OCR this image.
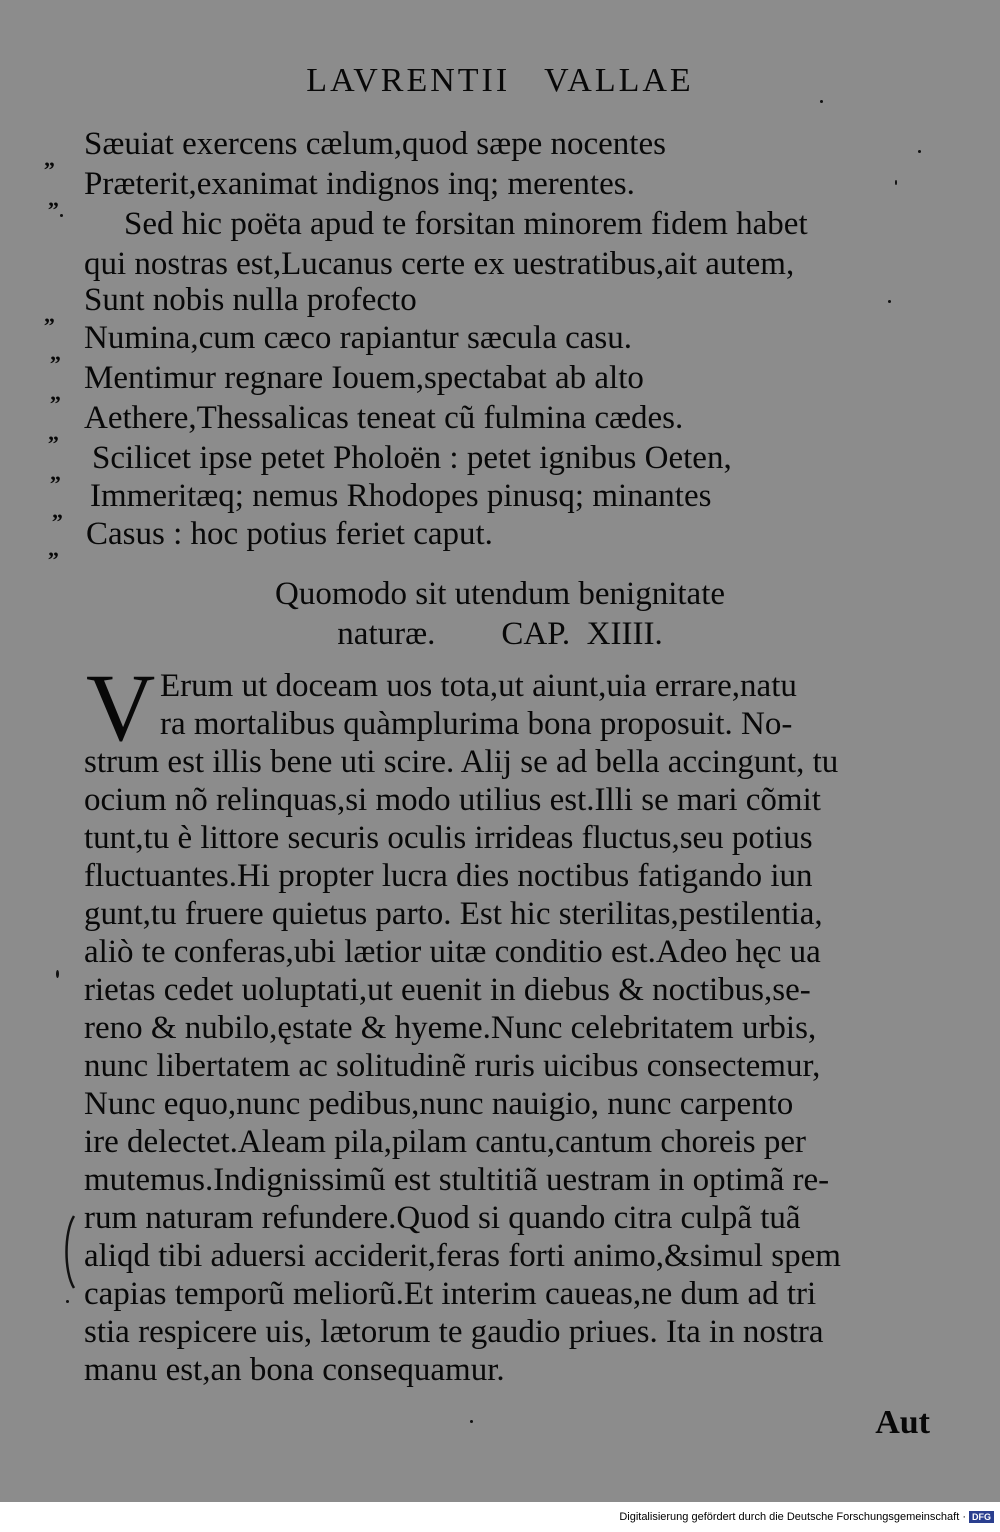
LAVRENTII   VALLAE
„ Sæuiat exercens cælum,quod sæpe nocentes
„ Præterit,exanimat indignos inq; merentes.
Sed hic poëta apud te forsitan minorem fidem habet
qui nostras est,Lucanus certe ex uestratibus,ait autem,
„ Sunt nobis nulla profecto
„ Numina,cum cæco rapiantur sæcula casu.
„ Mentimur regnare Iouem,spectabat ab alto
„ Aethere,Thessalicas teneat cũ fulmina cædes.
„ Scilicet ipse petet Pholoën : petet ignibus Oeten,
„ Immeritæq; nemus Rhodopes pinusq; minantes
„ Casus : hoc potius feriet caput.
Quomodo sit utendum benignitate
naturæ.        CAP.  XIIII.
V Erum ut doceam uos tota,ut aiunt,uia errare,natu
ra mortalibus quàmplurima bona proposuit. No-
strum est illis bene uti scire. Alij se ad bella accingunt, tu
ocium nõ relinquas,si modo utilius est.Illi se mari cõmit
tunt,tu è littore securis oculis irrideas fluctus,seu potius
fluctuantes.Hi propter lucra dies noctibus fatigando iun
gunt,tu fruere quietus parto. Est hic sterilitas,pestilentia,
aliò te conferas,ubi lætior uitæ conditio est.Adeo hęc ua
rietas cedet uoluptati,ut euenit in diebus & noctibus,se-
reno & nubilo,ęstate & hyeme.Nunc celebritatem urbis,
nunc libertatem ac solitudinẽ ruris uicibus consectemur,
Nunc equo,nunc pedibus,nunc nauigio, nunc carpento
ire delectet.Aleam pila,pilam cantu,cantum choreis per
mutemus.Indignissimũ est stultitiã uestram in optimã re-
rum naturam refundere.Quod si quando citra culpã tuã
aliqd tibi aduersi acciderit,feras forti animo,&simul spem
capias temporũ meliorũ.Et interim caueas,ne dum ad tri
stia respicere uis, lætorum te gaudio priues. Ita in nostra
manu est,an bona consequamur.
Aut
Digitalisierung gefördert durch die Deutsche Forschungsgemeinschaft · DFG
